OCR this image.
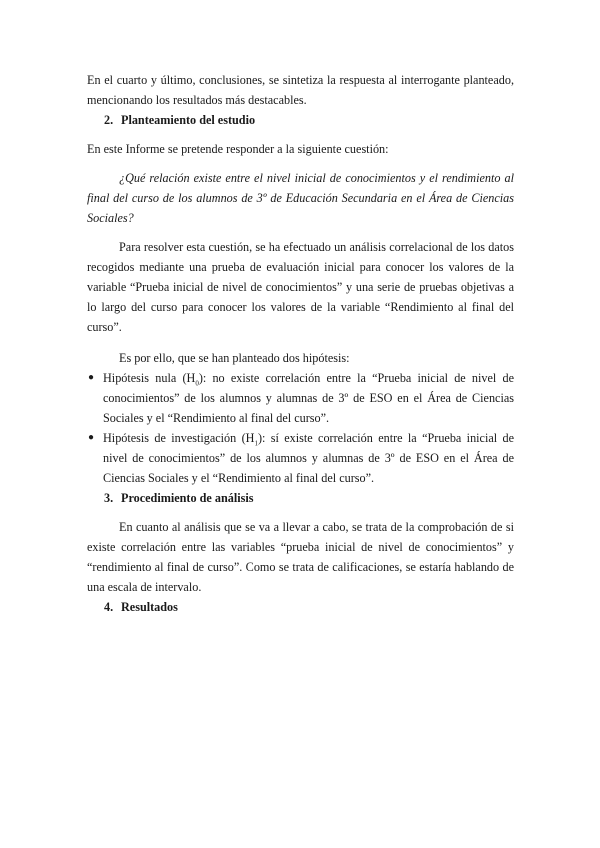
En el cuarto y último, conclusiones, se sintetiza la respuesta al interrogante planteado, mencionando los resultados más destacables.

2. Planteamiento del estudio

En este Informe se pretende responder a la siguiente cuestión:

¿Qué relación existe entre el nivel inicial de conocimientos y el rendimiento al final del curso de los alumnos de 3º de Educación Secundaria en el Área de Ciencias Sociales?

Para resolver esta cuestión, se ha efectuado un análisis correlacional de los datos recogidos mediante una prueba de evaluación inicial para conocer los valores de la variable “Prueba inicial de nivel de conocimientos” y una serie de pruebas objetivas a lo largo del curso para conocer los valores de la variable “Rendimiento al final del curso”.

Es por ello, que se han planteado dos hipótesis:

● Hipótesis nula $(H_0)$: no existe correlación entre la “Prueba inicial de nivel de conocimientos” de los alumnos y alumnas de 3º de ESO en el Área de Ciencias Sociales y el “Rendimiento al final del curso”.
● Hipótesis de investigación $(H_1)$: sí existe correlación entre la “Prueba inicial de nivel de conocimientos” de los alumnos y alumnas de 3º de ESO en el Área de Ciencias Sociales y el “Rendimiento al final del curso”.
3. Procedimiento de análisis

En cuanto al análisis que se va a llevar a cabo, se trata de la comprobación de si existe correlación entre las variables “prueba inicial de nivel de conocimientos” y “rendimiento al final de curso”. Como se trata de calificaciones, se estaría hablando de una escala de intervalo.

4. Resultados
